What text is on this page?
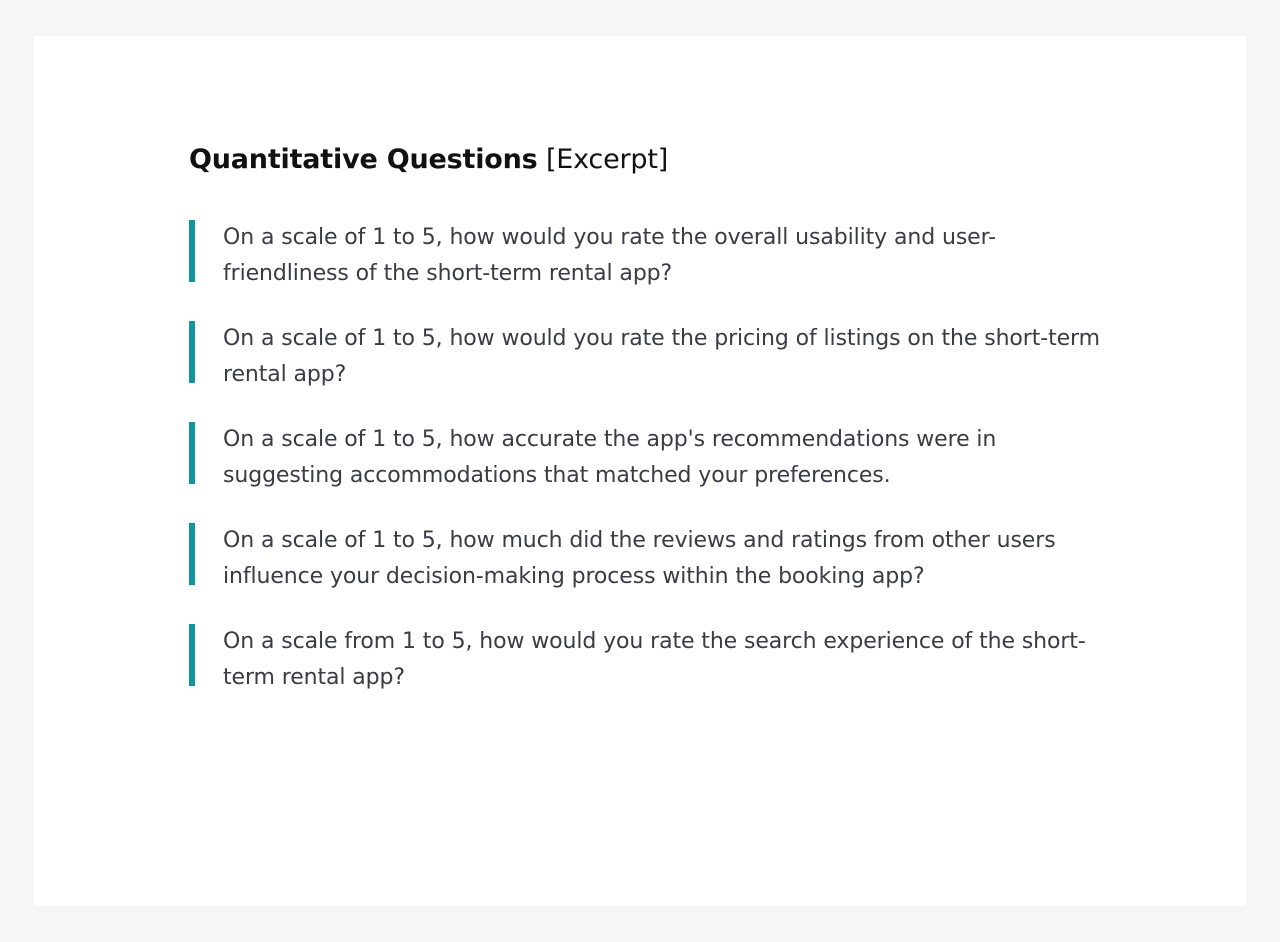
Quantitative Questions [Excerpt]
On a scale of 1 to 5, how would you rate the overall usability and user-friendliness of the short-term rental app?
On a scale of 1 to 5, how would you rate the pricing of listings on the short-term rental app?
On a scale of 1 to 5, how accurate the app's recommendations were in suggesting accommodations that matched your preferences.
On a scale of 1 to 5, how much did the reviews and ratings from other users influence your decision-making process within the booking app?
On a scale from 1 to 5, how would you rate the search experience of the short-term rental app?
